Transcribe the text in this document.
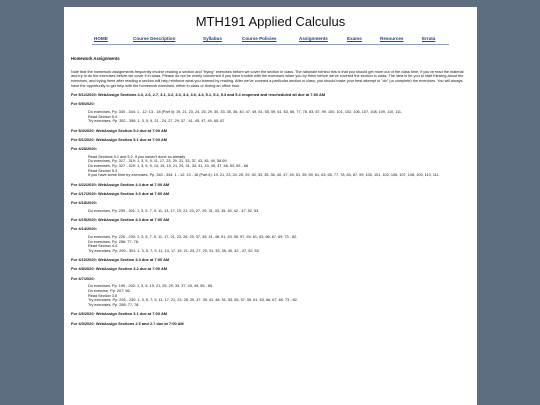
MTH191 Applied Calculus
HOME	Course Description	Syllabus	Course Policies	Assignments	Exams	Resources	Errata
Homework Assignments
Note that the homework assignments frequently involve reading a section and "trying" exercises before we cover the section in class. The rationale behind this is that you should get more out of the class time, if you've read the material and try to do the exercises before we cover it in class. Please do not be overly concerned if you have trouble with the exercises when you try them before we've covered the section in class. The idea is for you to start thinking about the exercises, and trying them after reading a section will help reinforce what you learned by reading. After we've covered a particular section in class, you should make your best attempt to "do" (or complete) the exercises. You will always have the opportunity to get help with the homework exercises, either in class or during an office hour.
For 5/12/2020: WebAssign Sections 4.3, 2.6, 2.7, 3.1, 3.2, 3.3, 3.4, 3.6, 4.4, 5.1, 5.2, 5.3 and 5.4 reopened and rescheduled all due at 7:00 AM
For 5/5/2020:
Do exercises, Pp. 340 - 344: 1 - 12: 13 - 18 (Part ii): 19, 21, 23, 24, 25, 29, 30, 33, 35, 36, 40, 47, 49, 51, 55, 59, 61, 63, 65, 77, 78, 83, 87, 99, 100, 101, 102, 106, 107, 108, 109, 110, 111.
Read Section 5.4
Try exercises, Pp. 352 - 356: 1, 3, 5, 9, 21 - 24, 27, 29, 37 - 41, 45, 47, 49, 65, 67
For 5/4/2020: WebAssign Section 5.2 due at 7:00 AM
For 5/1/2020: WebAssign Section 5.1 due at 7:00 AM
For 4/28/2020:
Read Sections 5.1 and 5.2, if you haven't done so already
Do exercises, Pp. 317 - 319: 1, 3, 5, 9, 11, 17, 23, 29, 31, 33, 37, 43, 45, 49, 58-69
Do exercises, Pp. 327 - 329: 1, 3, 5, 9, 13, 15, 19, 21, 29, 31, 33, 41, 43, 45, 47, 48, 53, 59 - 68
Read Section 5.3
If you have some time try exercises, Pp. 340 - 344: 1 - 12: 13 - 18 (Part ii): 19, 21, 23, 24, 25, 29, 30, 33, 35, 36, 40, 47, 49, 51, 55, 59, 61, 63, 65, 77, 78, 83, 87, 99, 100, 101, 102, 106, 107, 108, 109, 110, 111.
For 4/22/2020: WebAssign Section 4.4 due at 7:00 AM
For 4/17/2020: WebAssign Section 3.6 due at 7:00 AM
For 4/18/2020:
Do exercises, Pp. 299 - 301: 1, 3, 5, 7, 9, 11, 13, 17, 19, 21, 23, 27, 29, 31, 33, 35, 40, 42 - 47, 52, 53
For 4/15/2020: WebAssign Section 4.3 due at 7:00 AM
For 4/14/2020:
Do exercises, Pp. 226 - 230: 1, 3, 5, 7, 9, 11, 17, 21, 23, 28, 29, 37, 39, 41, 48, 51, 53, 55, 57, 59, 61, 63, 66, 67, 69, 73 - 82.
Do exercises, Pp. 286: 77, 78.
Read Section 4.4
Try exercises, Pp. 299 - 301: 1, 3, 5, 7, 9, 11, 13, 17, 19, 21, 23, 27, 29, 31, 33, 35, 40, 42 - 47, 52, 53
For 4/10/2020: WebAssign Section 3.3 due at 7:00 AM
For 4/8/2020: WebAssign Section 3.2 due at 7:00 AM
For 4/7/2020:
Do exercises, Pp. 199 - 202: 1, 3, 5, 19, 21, 25, 29, 33, 37, 43, 49, 55 - 65
Do exercise, Pp. 207: 96.
Read Section 3.6
Try exercises, Pp. 226 - 230: 1, 3, 5, 7, 9, 11, 17, 21, 23, 28, 29, 37, 39, 41, 48, 51, 53, 55, 57, 59, 61, 63, 66, 67, 69, 73 - 82.
Try exercises, Pp. 286: 77, 78.
For 4/6/2020: WebAssign Section 3.1 due at 7:00 AM
For 4/3/2020: WebAssign Sections 2.6 and 2.7 due at 7:00 AM
